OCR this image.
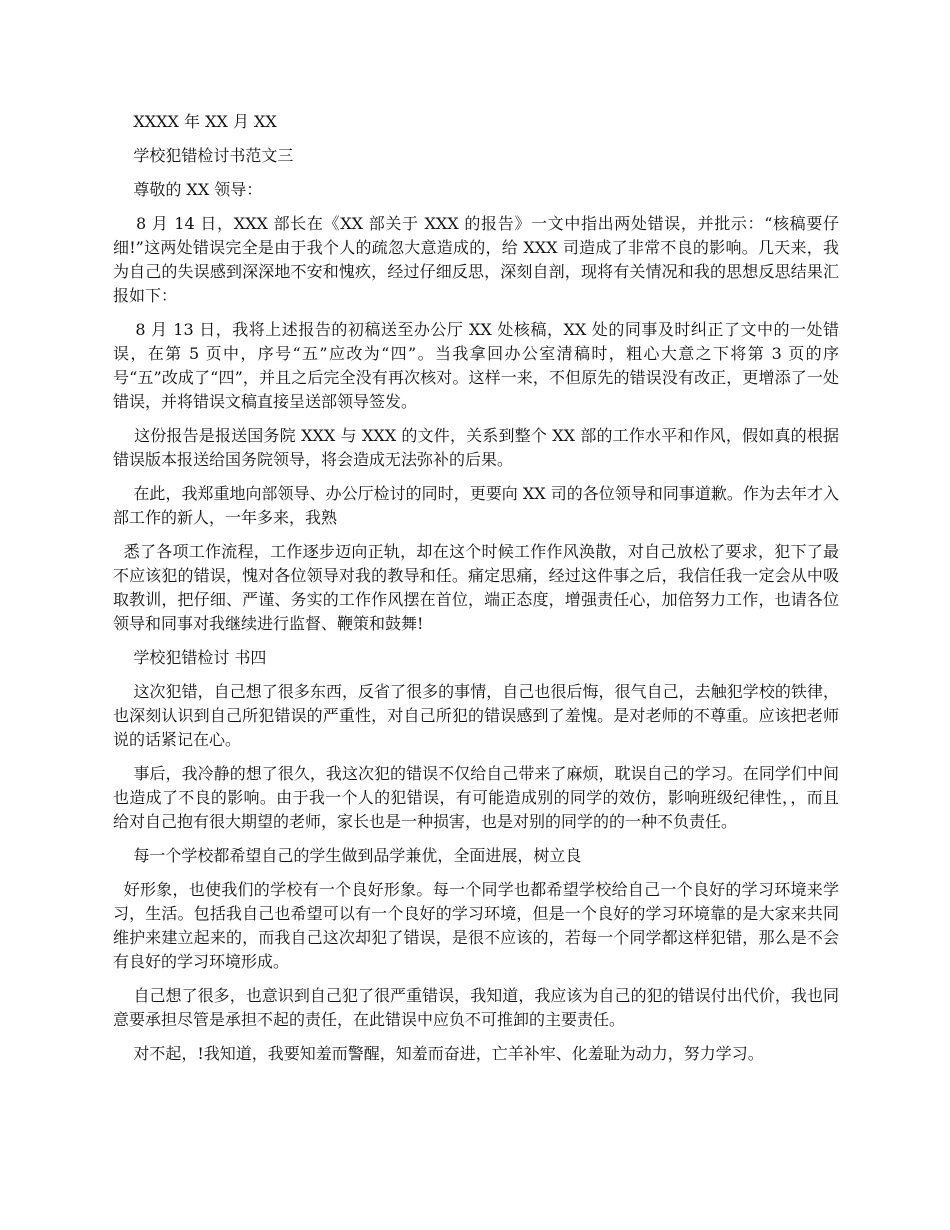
XXXX 年 XX 月 XX

学校犯错检讨书范文三

尊敬的 XX 领导：

8 月 14 日，XXX 部长在《XX 部关于 XXX 的报告》一文中指出两处错误，并批示：“核稿要仔细!”这两处错误完全是由于我个人的疏忽大意造成的，给 XXX 司造成了非常不良的影响。几天来，我为自己的失误感到深深地不安和愧疚，经过仔细反思，深刻自剖，现将有关情况和我的思想反思结果汇报如下：

8 月 13 日，我将上述报告的初稿送至办公厅 XX 处核稿，XX 处的同事及时纠正了文中的一处错误，在第 5 页中，序号“五”应改为“四”。当我拿回办公室清稿时，粗心大意之下将第 3 页的序号“五”改成了“四”，并且之后完全没有再次核对。这样一来，不但原先的错误没有改正，更增添了一处错误，并将错误文稿直接呈送部领导签发。

这份报告是报送国务院 XXX 与 XXX 的文件，关系到整个 XX 部的工作水平和作风，假如真的根据错误版本报送给国务院领导，将会造成无法弥补的后果。

在此，我郑重地向部领导、办公厅检讨的同时，更要向 XX 司的各位领导和同事道歉。作为去年才入部工作的新人，一年多来，我熟

悉了各项工作流程，工作逐步迈向正轨，却在这个时候工作作风涣散，对自己放松了要求，犯下了最不应该犯的错误，愧对各位领导对我的教导和任。痛定思痛，经过这件事之后，我信任我一定会从中吸取教训，把仔细、严谨、务实的工作作风摆在首位，端正态度，增强责任心，加倍努力工作，也请各位领导和同事对我继续进行监督、鞭策和鼓舞!

学校犯错检讨 书四

这次犯错，自己想了很多东西，反省了很多的事情，自己也很后悔，很气自己，去触犯学校的铁律，也深刻认识到自己所犯错误的严重性，对自己所犯的错误感到了羞愧。是对老师的不尊重。应该把老师说的话紧记在心。

事后，我冷静的想了很久，我这次犯的错误不仅给自己带来了麻烦，耽误自己的学习。在同学们中间也造成了不良的影响。由于我一个人的犯错误，有可能造成别的同学的效仿，影响班级纪律性，，而且给对自己抱有很大期望的老师，家长也是一种损害，也是对别的同学的的一种不负责任。

每一个学校都希望自己的学生做到品学兼优，全面进展，树立良

好形象，也使我们的学校有一个良好形象。每一个同学也都希望学校给自己一个良好的学习环境来学习，生活。包括我自己也希望可以有一个良好的学习环境，但是一个良好的学习环境靠的是大家来共同维护来建立起来的，而我自己这次却犯了错误，是很不应该的，若每一个同学都这样犯错，那么是不会有良好的学习环境形成。

自己想了很多，也意识到自己犯了很严重错误，我知道，我应该为自己的犯的错误付出代价，我也同意要承担尽管是承担不起的责任，在此错误中应负不可推卸的主要责任。

对不起，!我知道，我要知羞而警醒，知羞而奋进，亡羊补牢、化羞耻为动力，努力学习。
